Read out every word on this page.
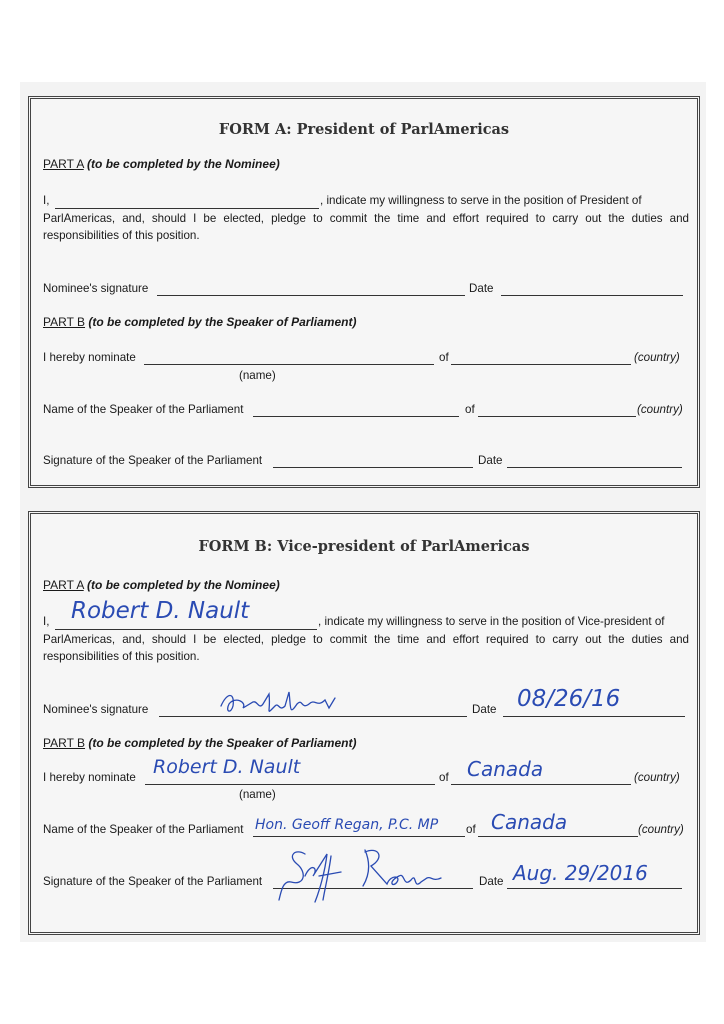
FORM A: President of ParlAmericas
PART A (to be completed by the Nominee)
I,	, indicate my willingness to serve in the position of President of
ParlAmericas, and, should I be elected, pledge to commit the time and effort required to carry out the duties and responsibilities of this position.
Nominee's signature	Date
PART B (to be completed by the Speaker of Parliament)
I hereby nominate	of	(country)
(name)
Name of the Speaker of the Parliament	of	(country)
Signature of the Speaker of the Parliament	Date
FORM B: Vice-president of ParlAmericas
PART A (to be completed by the Nominee)
I, Robert D. Nault	, indicate my willingness to serve in the position of Vice-president of
ParlAmericas, and, should I be elected, pledge to commit the time and effort required to carry out the duties and responsibilities of this position.
Nominee's signature	Date 08/26/16
PART B (to be completed by the Speaker of Parliament)
I hereby nominate Robert D. Nault	of Canada	(country)
(name)
Name of the Speaker of the Parliament Hon. Geoff Regan, P.C. MP of Canada	(country)
Signature of the Speaker of the Parliament	Date Aug. 29/2016
